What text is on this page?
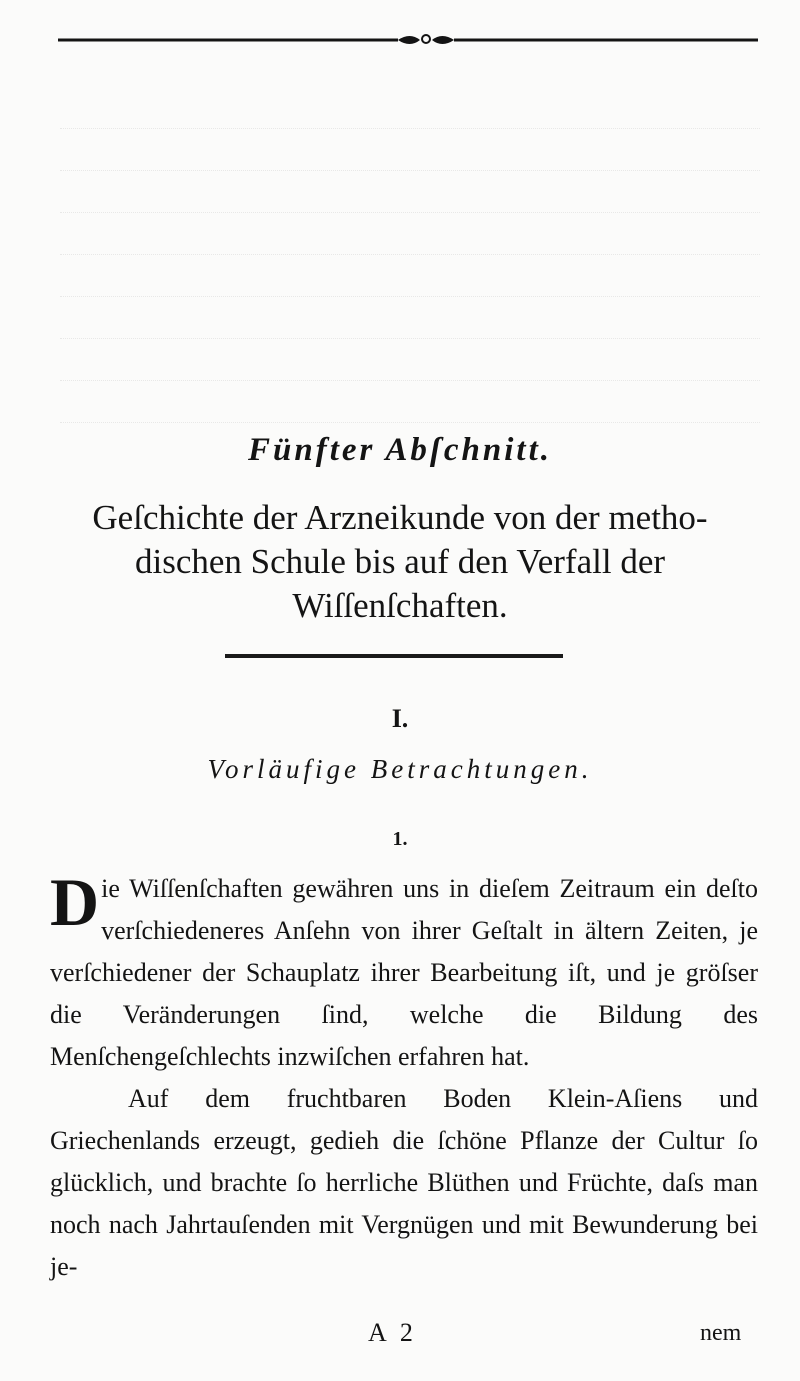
Fünfter Abſchnitt.
Geſchichte der Arzneikunde von der metho-dischen Schule bis auf den Verfall der Wiſſenſchaften.
I.
Vorläufige Betrachtungen.
1.

Die Wiſſenſchaften gewähren uns in dieſem Zeitraum ein deſto verſchiedeneres Anſehn von ihrer Geſtalt in ältern Zeiten, je verſchiedener der Schauplatz ihrer Bearbeitung iſt, und je gröſser die Veränderungen ſind, welche die Bildung des Menſchengeſchlechts inzwiſchen erfahren hat.

Auf dem fruchtbaren Boden Klein-Aſiens und Griechenlands erzeugt, gedieh die ſchöne Pflanze der Cultur ſo glücklich, und brachte ſo herrliche Blüthen und Früchte, daſs man noch nach Jahrtauſenden mit Vergnügen und mit Bewunderung bei je-

A 2	nem
